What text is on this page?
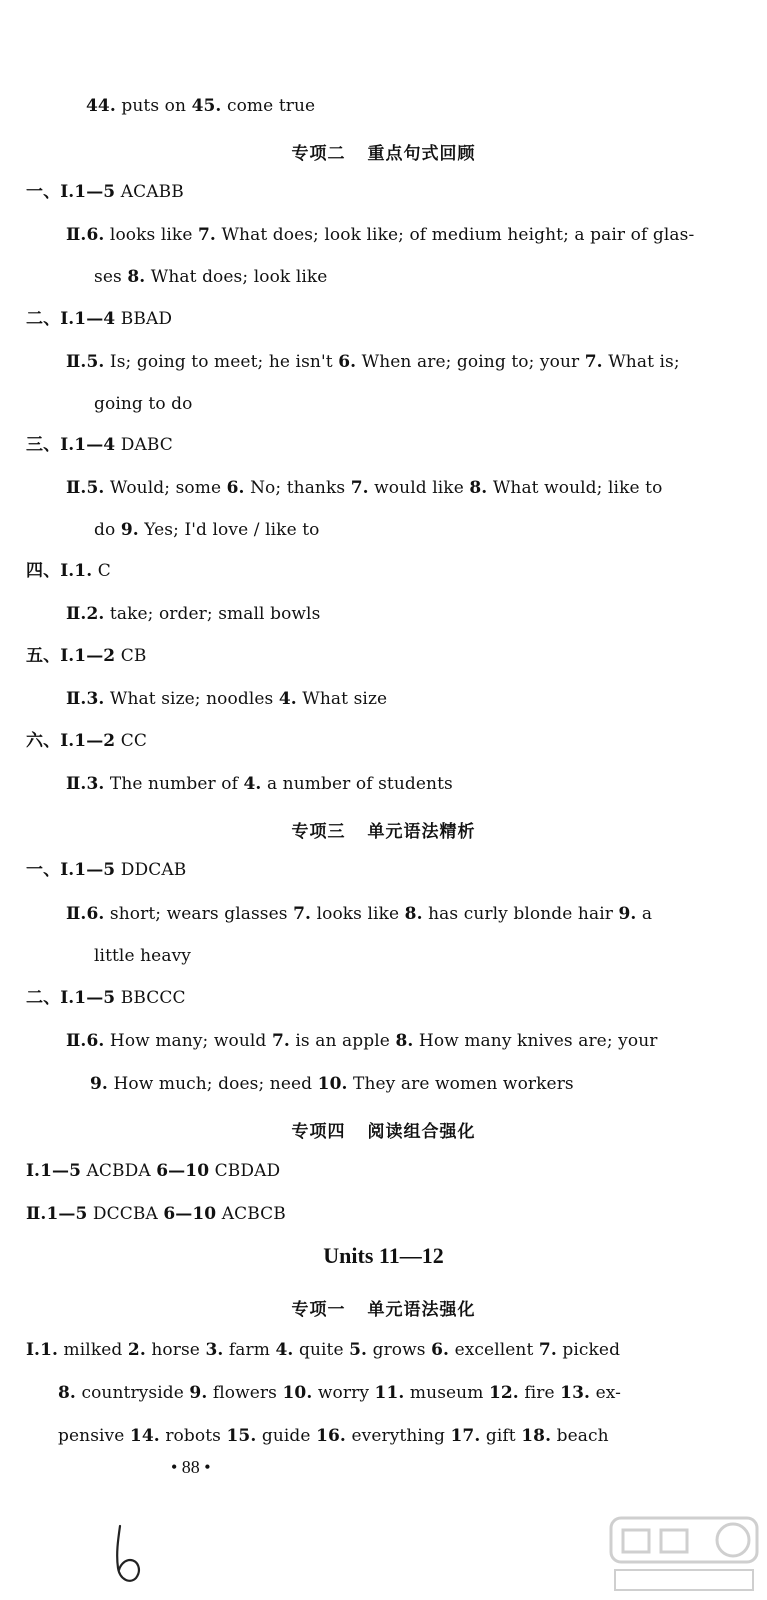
44. puts on 45. come true
专项二 重点句式回顾
一、Ⅰ.1—5 ACABB
Ⅱ.6. looks like 7. What does; look like; of medium height; a pair of glas-
ses 8. What does; look like
二、Ⅰ.1—4 BBAD
Ⅱ.5. Is; going to meet; he isn't 6. When are; going to; your 7. What is;
going to do
三、Ⅰ.1—4 DABC
Ⅱ.5. Would; some 6. No; thanks 7. would like 8. What would; like to
do 9. Yes; I'd love / like to
四、Ⅰ.1. C
Ⅱ.2. take; order; small bowls
五、Ⅰ.1—2 CB
Ⅱ.3. What size; noodles 4. What size
六、Ⅰ.1—2 CC
Ⅱ.3. The number of 4. a number of students
专项三 单元语法精析
一、Ⅰ.1—5 DDCAB
Ⅱ.6. short; wears glasses 7. looks like 8. has curly blonde hair 9. a
little heavy
二、Ⅰ.1—5 BBCCC
Ⅱ.6. How many; would 7. is an apple 8. How many knives are; your
9. How much; does; need 10. They are women workers
专项四 阅读组合强化
Ⅰ.1—5 ACBDA 6—10 CBDAD
Ⅱ.1—5 DCCBA 6—10 ACBCB
Units 11—12
专项一 单元语法强化
Ⅰ.1. milked 2. horse 3. farm 4. quite 5. grows 6. excellent 7. picked
8. countryside 9. flowers 10. worry 11. museum 12. fire 13. ex-
pensive 14. robots 15. guide 16. everything 17. gift 18. beach
• 88 •
